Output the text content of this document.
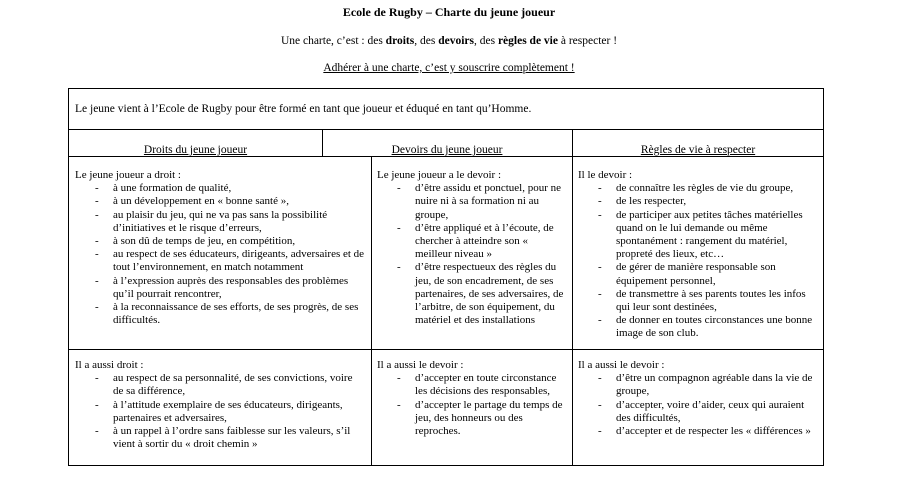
Ecole de Rugby – Charte du jeune joueur
Une charte, c’est : des droits, des devoirs, des règles de vie à respecter !
Adhérer à une charte, c’est y souscrire complètement !
Le jeune vient à l’Ecole de Rugby pour être formé en tant que joueur et éduqué en tant qu’Homme.
Droits du jeune joueur	Devoirs du jeune joueur	Règles de vie à respecter
Le jeune joueur a droit :
- à une formation de qualité,
- à un développement en « bonne santé »,
- au plaisir du jeu, qui ne va pas sans la possibilité d’initiatives et le risque d’erreurs,
- à son dû de temps de jeu, en compétition,
- au respect de ses éducateurs, dirigeants, adversaires et de tout l’environnement, en match notamment
- à l’expression auprès des responsables des problèmes qu’il pourrait rencontrer,
- à la reconnaissance de ses efforts, de ses progrès, de ses difficultés.
Le jeune joueur a le devoir :
- d’être assidu et ponctuel, pour ne nuire ni à sa formation ni au groupe,
- d’être appliqué et à l’écoute, de chercher à atteindre son « meilleur niveau »
- d’être respectueux des règles du jeu, de son encadrement, de ses partenaires, de ses adversaires, de l’arbitre, de son équipement, du matériel et des installations
Il le devoir :
- de connaître les règles de vie du groupe,
- de les respecter,
- de participer aux petites tâches matérielles quand on le lui demande ou même spontanément : rangement du matériel, propreté des lieux, etc…
- de gérer de manière responsable son équipement personnel,
- de transmettre à ses parents toutes les infos qui leur sont destinées,
- de donner en toutes circonstances une bonne image de son club.
Il a aussi droit :
- au respect de sa personnalité, de ses convictions, voire de sa différence,
- à l’attitude exemplaire de ses éducateurs, dirigeants, partenaires et adversaires,
- à un rappel à l’ordre sans faiblesse sur les valeurs, s’il vient à sortir du « droit chemin »
Il a aussi le devoir :
- d’accepter en toute circonstance les décisions des responsables,
- d’accepter le partage du temps de jeu, des honneurs ou des reproches.
Il a aussi le devoir :
- d’être un compagnon agréable dans la vie de groupe,
- d’accepter, voire d’aider, ceux qui auraient des difficultés,
- d’accepter et de respecter les « différences »
